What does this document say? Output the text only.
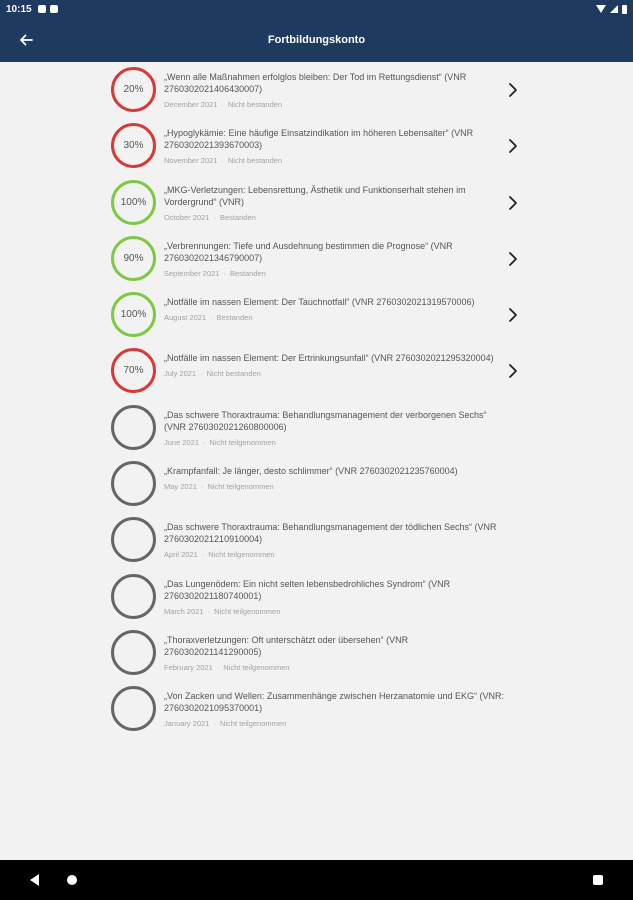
10:15
Fortbildungskonto
20%
„Wenn alle Maßnahmen erfolglos bleiben: Der Tod im Rettungsdienst“ (VNR 2760302021406430007)
December 2021 · Nicht bestanden
30%
„Hypoglykämie: Eine häufige Einsatzindikation im höheren Lebensalter“ (VNR 2760302021393670003)
November 2021 · Nicht bestanden
100%
„MKG-Verletzungen: Lebensrettung, Ästhetik und Funktionserhalt stehen im Vordergrund“ (VNR)
October 2021 · Bestanden
90%
„Verbrennungen: Tiefe und Ausdehnung bestimmen die Prognose“ (VNR 2760302021346790007)
September 2021 · Bestanden
100%
„Notfälle im nassen Element: Der Tauchnotfall“ (VNR 2760302021319570006)
August 2021 · Bestanden
70%
„Notfälle im nassen Element: Der Ertrinkungsunfall“ (VNR 2760302021295320004)
July 2021 · Nicht bestanden
„Das schwere Thoraxtrauma: Behandlungsmanagement der verborgenen Sechs“ (VNR 2760302021260800006)
June 2021 · Nicht teilgenommen
„Krampfanfall: Je länger, desto schlimmer“ (VNR 2760302021235760004)
May 2021 · Nicht teilgenommen
„Das schwere Thoraxtrauma: Behandlungsmanagement der tödlichen Sechs“ (VNR 2760302021210910004)
April 2021 · Nicht teilgenommen
„Das Lungenödem: Ein nicht selten lebensbedrohliches Syndrom“ (VNR 2760302021180740001)
March 2021 · Nicht teilgenommen
„Thoraxverletzungen: Oft unterschätzt oder übersehen“ (VNR 2760302021141290005)
February 2021 · Nicht teilgenommen
„Von Zacken und Wellen: Zusammenhänge zwischen Herzanatomie und EKG“ (VNR: 2760302021095370001)
January 2021 · Nicht teilgenommen
